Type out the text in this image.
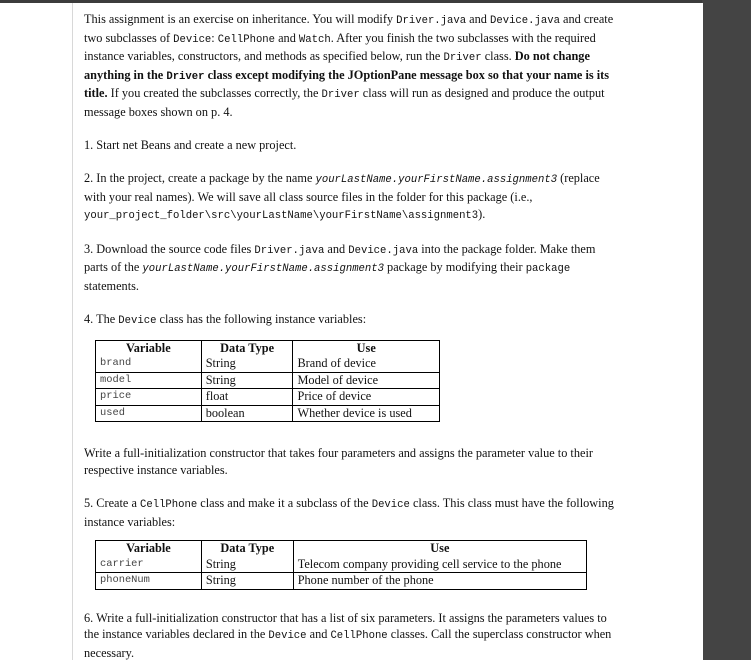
This assignment is an exercise on inheritance. You will modify Driver.java and Device.java and create two subclasses of Device: CellPhone and Watch. After you finish the two subclasses with the required instance variables, constructors, and methods as specified below, run the Driver class. Do not change anything in the Driver class except modifying the JOptionPane message box so that your name is its title. If you created the subclasses correctly, the Driver class will run as designed and produce the output message boxes shown on p. 4.

1. Start net Beans and create a new project.

2. In the project, create a package by the name yourLastName.yourFirstName.assignment3 (replace with your real names). We will save all class source files in the folder for this package (i.e., your_project_folder\src\yourLastName\yourFirstName\assignment3).

3. Download the source code files Driver.java and Device.java into the package folder. Make them parts of the yourLastName.yourFirstName.assignment3 package by modifying their package statements.

4. The Device class has the following instance variables:

Variable	Data Type	Use
brand	String	Brand of device
model	String	Model of device
price	float	Price of device
used	boolean	Whether device is used

Write a full-initialization constructor that takes four parameters and assigns the parameter value to their respective instance variables.

5. Create a CellPhone class and make it a subclass of the Device class. This class must have the following instance variables:

Variable	Data Type	Use
carrier	String	Telecom company providing cell service to the phone
phoneNum	String	Phone number of the phone

6. Write a full-initialization constructor that has a list of six parameters. It assigns the parameters values to the instance variables declared in the Device and CellPhone classes. Call the superclass constructor when necessary.
